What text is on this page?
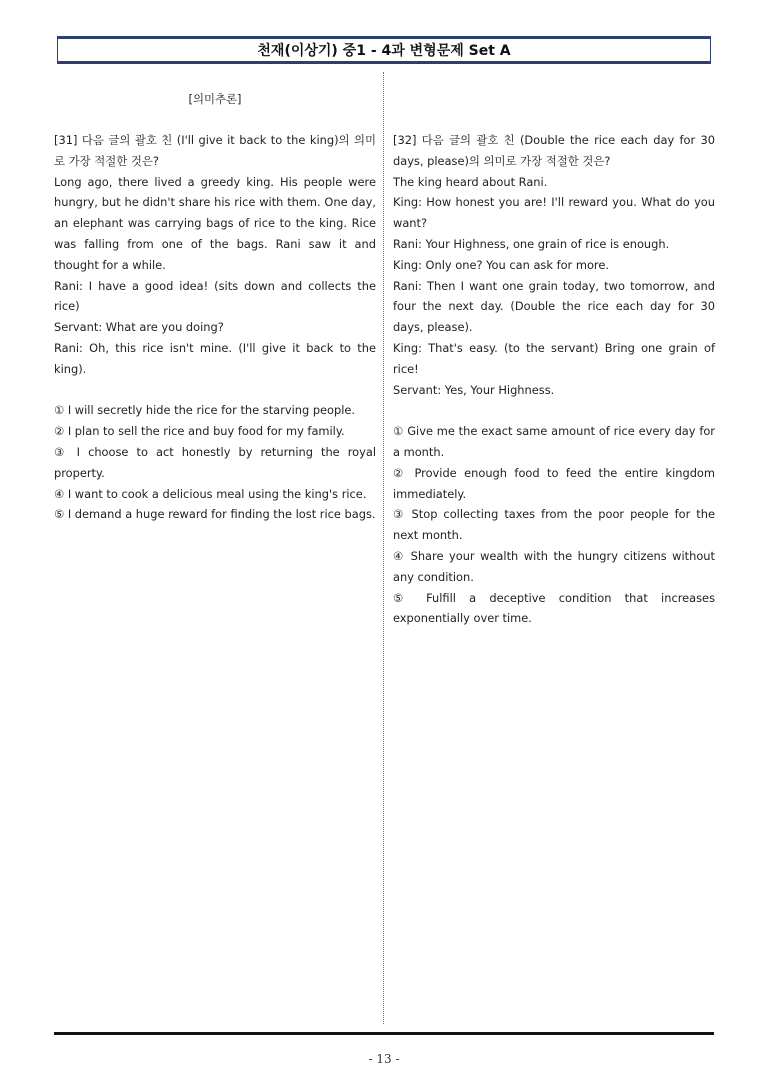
천재(이상기) 중1 - 4과 변형문제 Set A
[의미추론]

[31] 다음 글의 괄호 친 (I'll give it back to the king)의 의미로 가장 적절한 것은?

Long ago, there lived a greedy king. His people were hungry, but he didn't share his rice with them. One day, an elephant was carrying bags of rice to the king. Rice was falling from one of the bags. Rani saw it and thought for a while.

Rani: I have a good idea! (sits down and collects the rice)

Servant: What are you doing?

Rani: Oh, this rice isn't mine. (I'll give it back to the king).

① I will secretly hide the rice for the starving people.

② I plan to sell the rice and buy food for my family.

③ I choose to act honestly by returning the royal property.

④ I want to cook a delicious meal using the king's rice.

⑤ I demand a huge reward for finding the lost rice bags.

[32] 다음 글의 괄호 친 (Double the rice each day for 30 days, please)의 의미로 가장 적절한 것은?

The king heard about Rani.

King: How honest you are! I'll reward you. What do you want?

Rani: Your Highness, one grain of rice is enough.

King: Only one? You can ask for more.

Rani: Then I want one grain today, two tomorrow, and four the next day. (Double the rice each day for 30 days, please).

King: That's easy. (to the servant) Bring one grain of rice!

Servant: Yes, Your Highness.

① Give me the exact same amount of rice every day for a month.

② Provide enough food to feed the entire kingdom immediately.

③ Stop collecting taxes from the poor people for the next month.

④ Share your wealth with the hungry citizens without any condition.

⑤ Fulfill a deceptive condition that increases exponentially over time.

- 13 -
